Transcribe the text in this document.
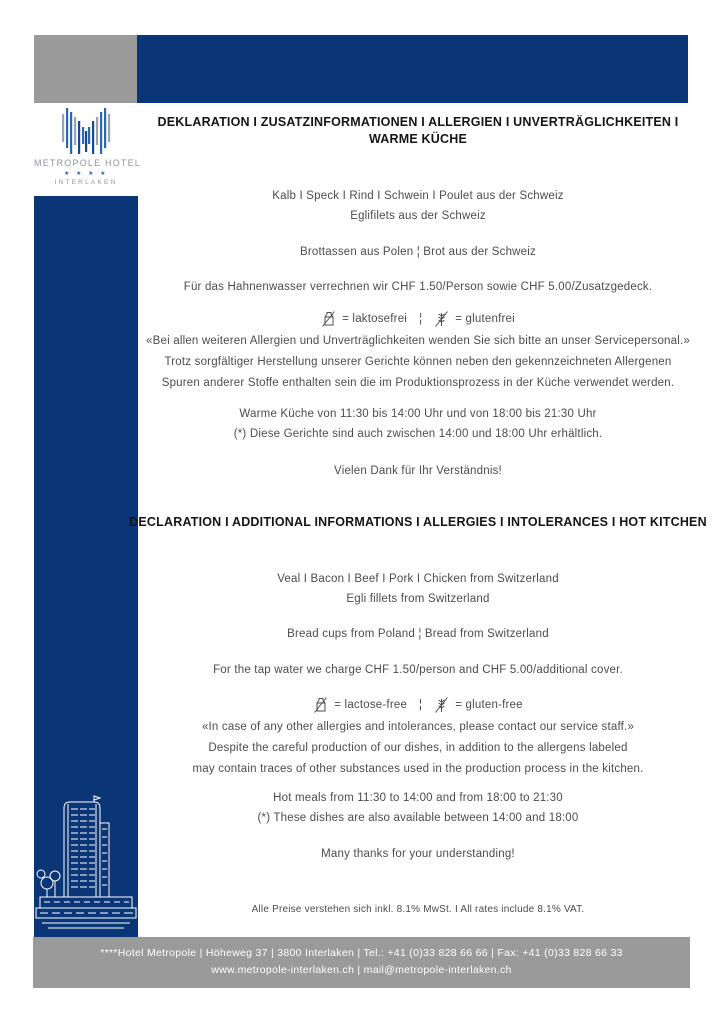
METROPOLE HOTEL
★ ★ ★ ★
INTERLAKEN

DEKLARATION I ZUSATZINFORMATIONEN I ALLERGIEN I UNVERTRÄGLICHKEITEN I

WARME KÜCHE

Kalb I Speck I Rind I Schwein I Poulet aus der Schweiz

Eglifilets aus der Schweiz

Brottassen aus Polen ¦ Brot aus der Schweiz

Für das Hahnenwasser verrechnen wir CHF 1.50/Person sowie CHF 5.00/Zusatzgedeck.

= laktosefrei ¦	= glutenfrei

«Bei allen weiteren Allergien und Unverträglichkeiten wenden Sie sich bitte an unser Servicepersonal.»

Trotz sorgfältiger Herstellung unserer Gerichte können neben den gekennzeichneten Allergenen

Spuren anderer Stoffe enthalten sein die im Produktionsprozess in der Küche verwendet werden.

Warme Küche von 11:30 bis 14:00 Uhr und von 18:00 bis 21:30 Uhr

(*) Diese Gerichte sind auch zwischen 14:00 und 18:00 Uhr erhältlich.

Vielen Dank für Ihr Verständnis!

DECLARATION I ADDITIONAL INFORMATIONS I ALLERGIES I INTOLERANCES I HOT KITCHEN

Veal I Bacon I Beef I Pork I Chicken from Switzerland

Egli fillets from Switzerland

Bread cups from Poland ¦ Bread from Switzerland

For the tap water we charge CHF 1.50/person and CHF 5.00/additional cover.

= lactose-free ¦	= gluten-free

«In case of any other allergies and intolerances, please contact our service staff.»

Despite the careful production of our dishes, in addition to the allergens labeled

may contain traces of other substances used in the production process in the kitchen.

Hot meals from 11:30 to 14:00 and from 18:00 to 21:30

(*) These dishes are also available between 14:00 and 18:00

Many thanks for your understanding!

Alle Preise verstehen sich inkl. 8.1% MwSt. I All rates include 8.1% VAT.

****Hotel Metropole | Höheweg 37 | 3800 Interlaken | Tel.: +41 (0)33 828 66 66 | Fax: +41 (0)33 828 66 33

www.metropole-interlaken.ch | mail@metropole-interlaken.ch
